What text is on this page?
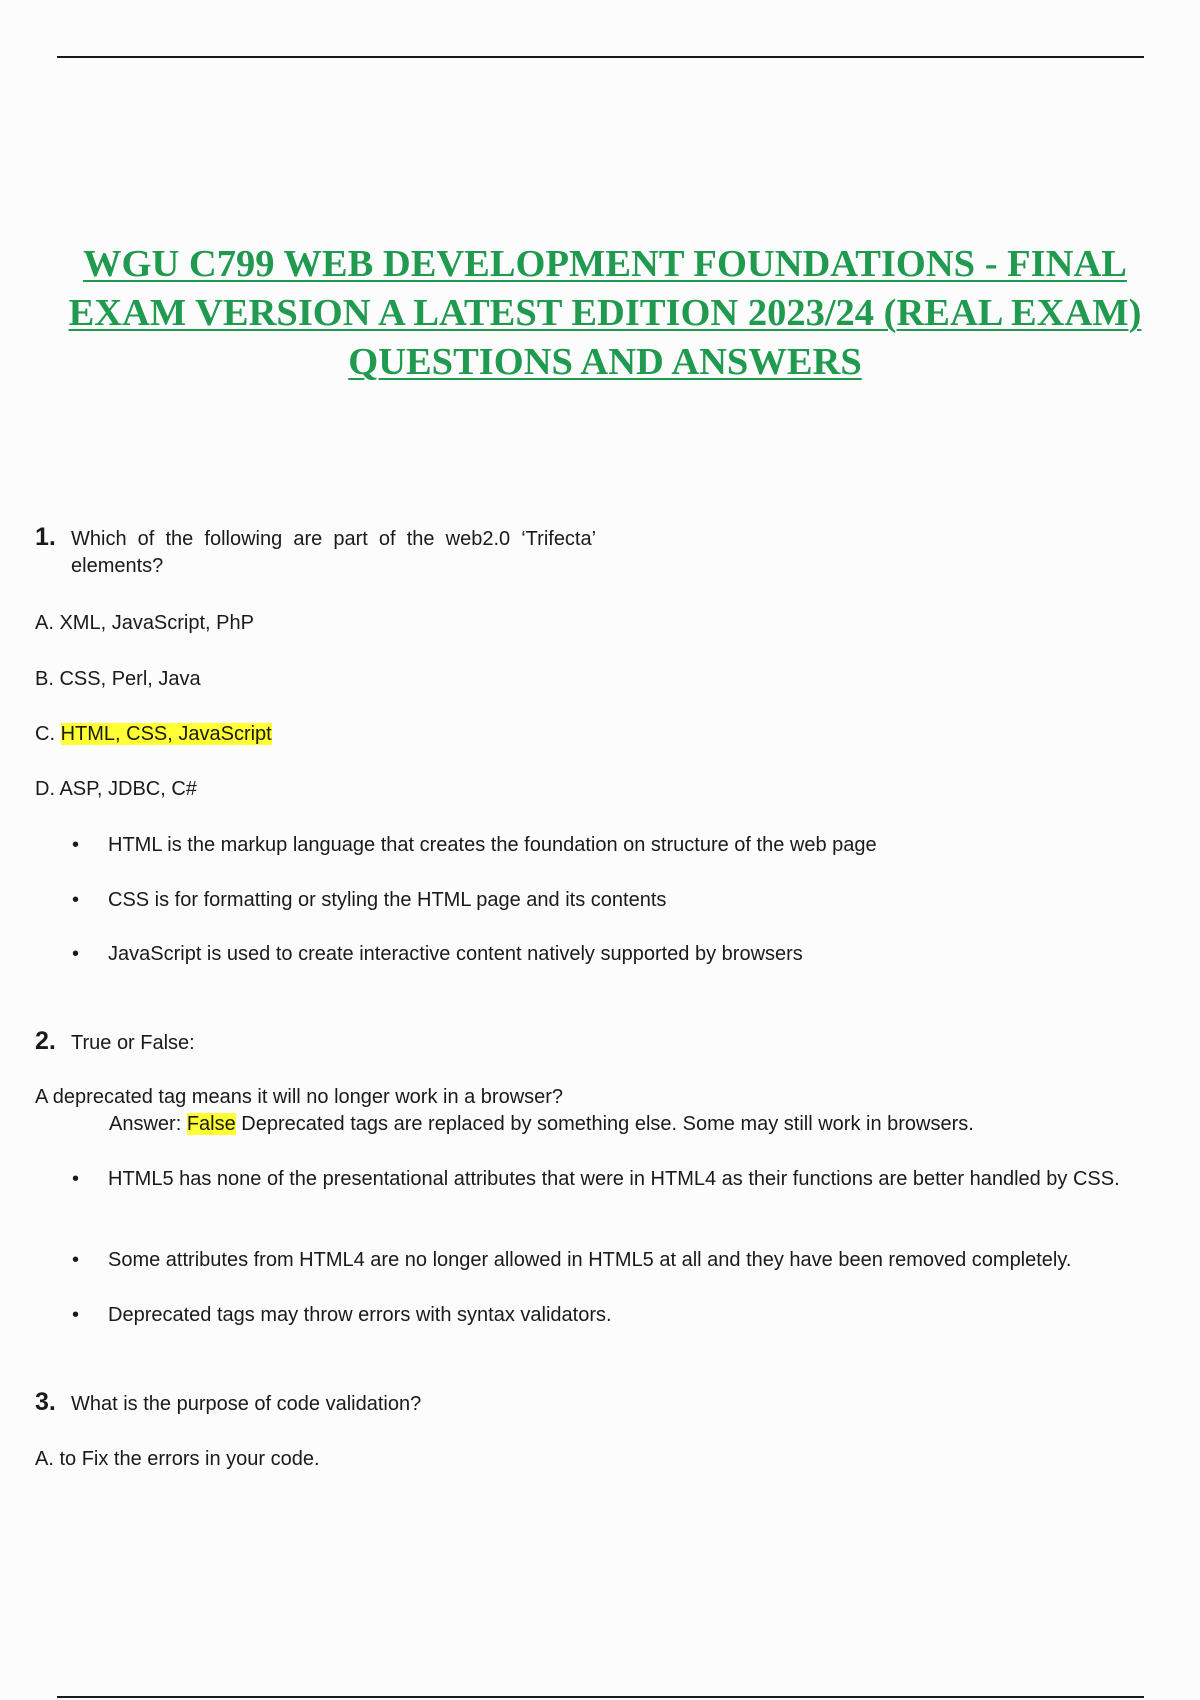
WGU C799 WEB DEVELOPMENT FOUNDATIONS - FINAL
EXAM VERSION A LATEST EDITION 2023/24 (REAL EXAM)
QUESTIONS AND ANSWERS
1. Which  of  the  following  are  part  of  the  web2.0  ‘Trifecta’
elements?
A. XML, JavaScript, PhP
B. CSS, Perl, Java
C. HTML, CSS, JavaScript
D. ASP, JDBC, C#
• HTML is the markup language that creates the foundation on structure of the web page
• CSS is for formatting or styling the HTML page and its contents
• JavaScript is used to create interactive content natively supported by browsers
2. True or False:
A deprecated tag means it will no longer work in a browser?
Answer: False Deprecated tags are replaced by something else. Some may still work in browsers.
• HTML5 has none of the presentational attributes that were in HTML4 as their functions are better handled by CSS.
• Some attributes from HTML4 are no longer allowed in HTML5 at all and they have been removed completely.
• Deprecated tags may throw errors with syntax validators.
3. What is the purpose of code validation?
A. to Fix the errors in your code.
